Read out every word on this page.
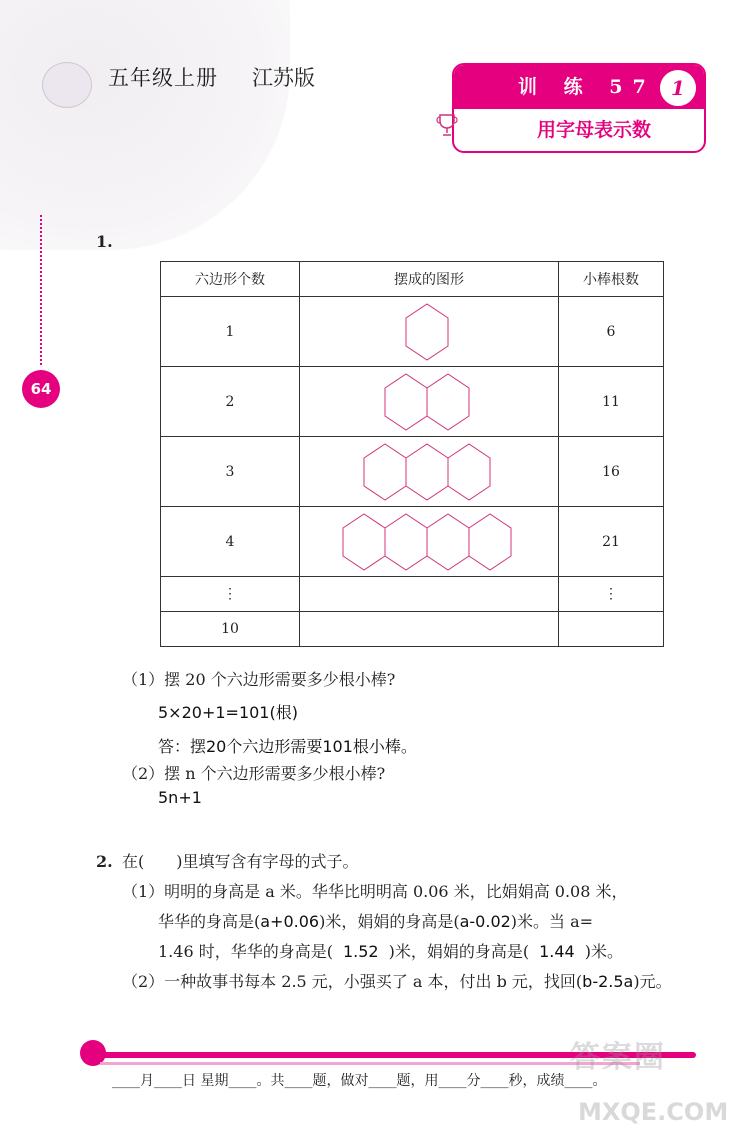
64
五年级上册 江苏版	训 练 57 1
用字母表示数
1.
六边形个数	摆成的图形	小棒根数
1		6
2		11
3		16
4		21
⋮		⋮
10		
（1）摆 20 个六边形需要多少根小棒?
5×20+1=101(根)
答：摆20个六边形需要101根小棒。
（2）摆 n 个六边形需要多少根小棒?
5n+1
2. 在(　　)里填写含有字母的式子。
（1）明明的身高是 a 米。华华比明明高 0.06 米，比娟娟高 0.08 米，
华华的身高是(a+0.06)米，娟娟的身高是(a-0.02)米。当 a=
1.46 时，华华的身高是( 1.52 )米，娟娟的身高是( 1.44 )米。
（2）一种故事书每本 2.5 元，小强买了 a 本，付出 b 元，找回(b-2.5a)元。
____月____日 星期____。共____题，做对____题，用____分____秒，成绩____。
答案圈
MXQE.COM
